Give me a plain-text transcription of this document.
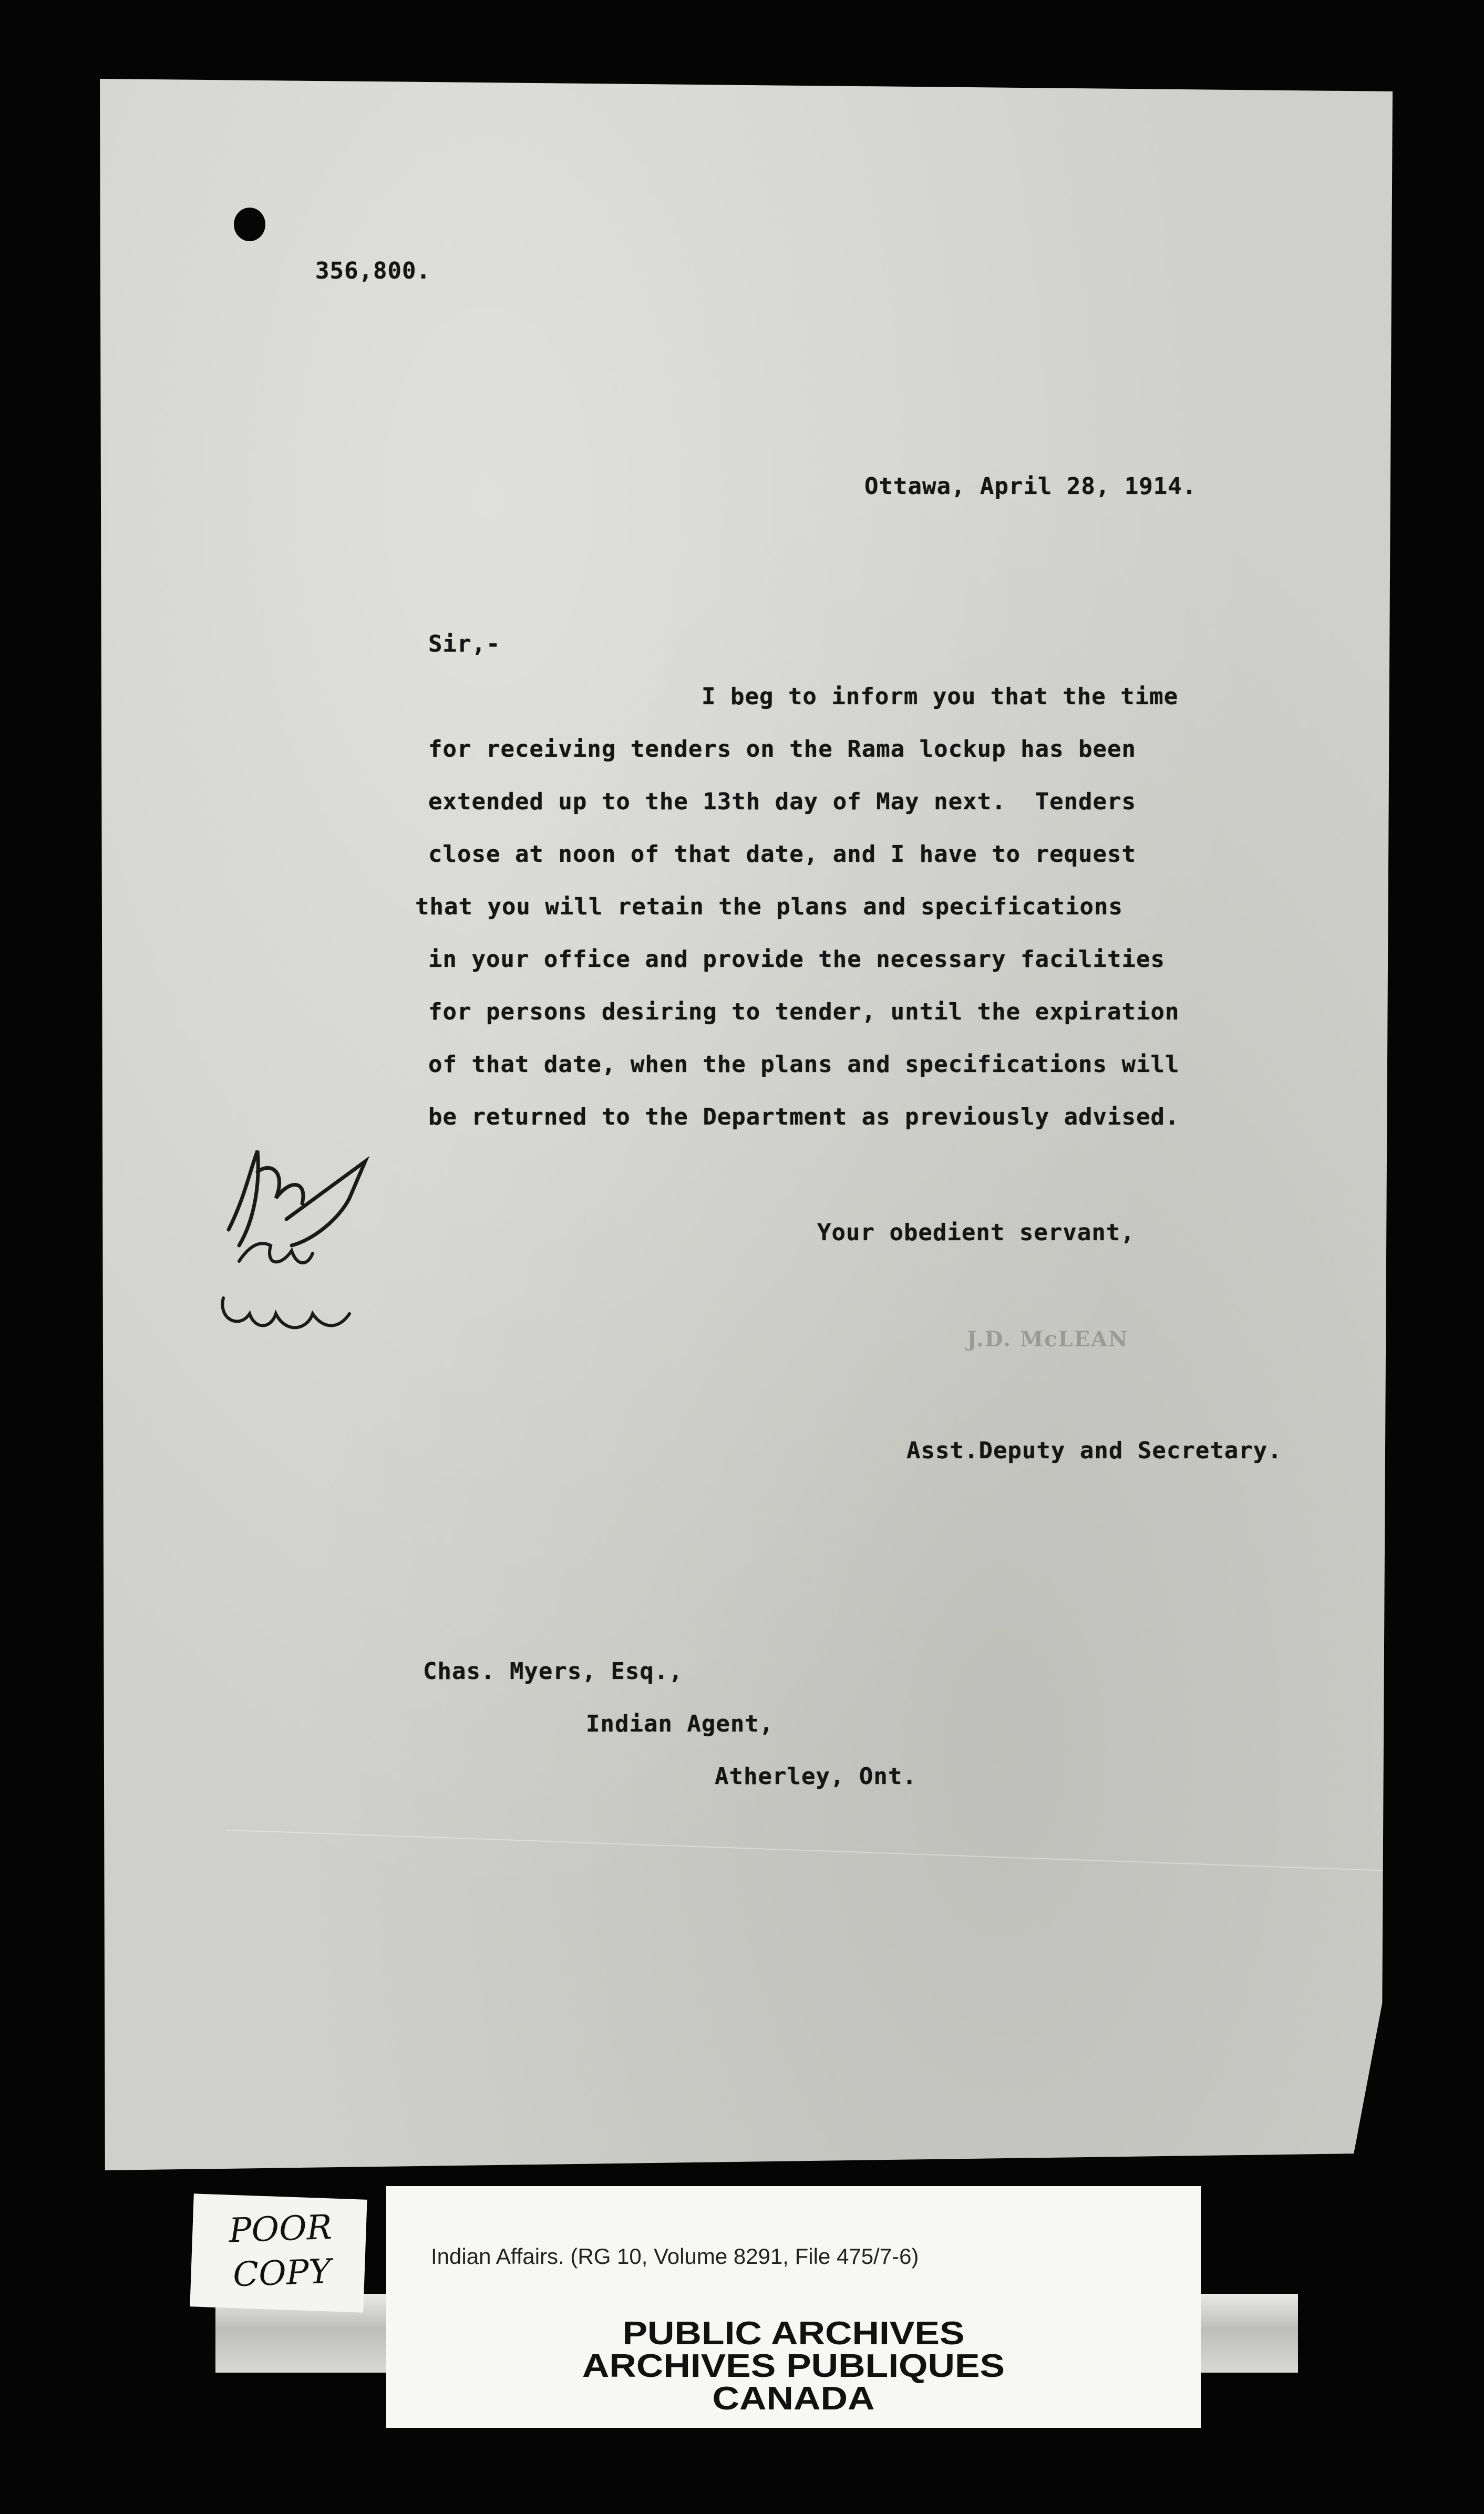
356,800.
Ottawa, April 28, 1914.
Sir,-
I beg to inform you that the time
for receiving tenders on the Rama lockup has been
extended up to the 13th day of May next.  Tenders
close at noon of that date, and I have to request
that you will retain the plans and specifications
in your office and provide the necessary facilities
for persons desiring to tender, until the expiration
of that date, when the plans and specifications will
be returned to the Department as previously advised.
Your obedient servant,
J.D. McLEAN
Asst.Deputy and Secretary.
Chas. Myers, Esq.,
Indian Agent,
Atherley, Ont.
POOR
COPY	Indian Affairs. (RG 10, Volume 8291, File 475/7-6)
PUBLIC ARCHIVES
ARCHIVES PUBLIQUES
CANADA
